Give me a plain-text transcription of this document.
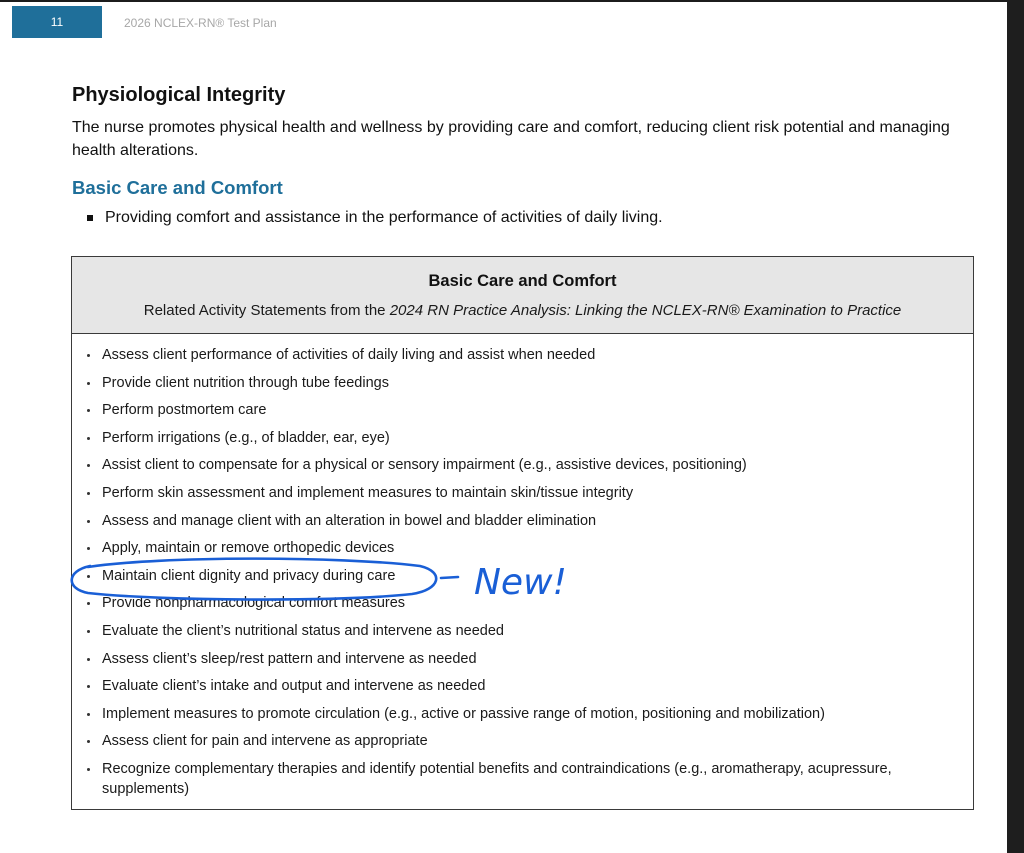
11	2026 NCLEX-RN® Test Plan
Physiological Integrity
The nurse promotes physical health and wellness by providing care and comfort, reducing client risk potential and managing health alterations.
Basic Care and Comfort
Providing comfort and assistance in the performance of activities of daily living.
Basic Care and Comfort
Related Activity Statements from the 2024 RN Practice Analysis: Linking the NCLEX-RN® Examination to Practice
Assess client performance of activities of daily living and assist when needed
Provide client nutrition through tube feedings
Perform postmortem care
Perform irrigations (e.g., of bladder, ear, eye)
Assist client to compensate for a physical or sensory impairment (e.g., assistive devices, positioning)
Perform skin assessment and implement measures to maintain skin/tissue integrity
Assess and manage client with an alteration in bowel and bladder elimination
Apply, maintain or remove orthopedic devices
Maintain client dignity and privacy during care
Provide nonpharmacological comfort measures
Evaluate the client’s nutritional status and intervene as needed
Assess client’s sleep/rest pattern and intervene as needed
Evaluate client’s intake and output and intervene as needed
Implement measures to promote circulation (e.g., active or passive range of motion, positioning and mobilization)
Assess client for pain and intervene as appropriate
Recognize complementary therapies and identify potential benefits and contraindications (e.g., aromatherapy, acupressure, supplements)
New!
